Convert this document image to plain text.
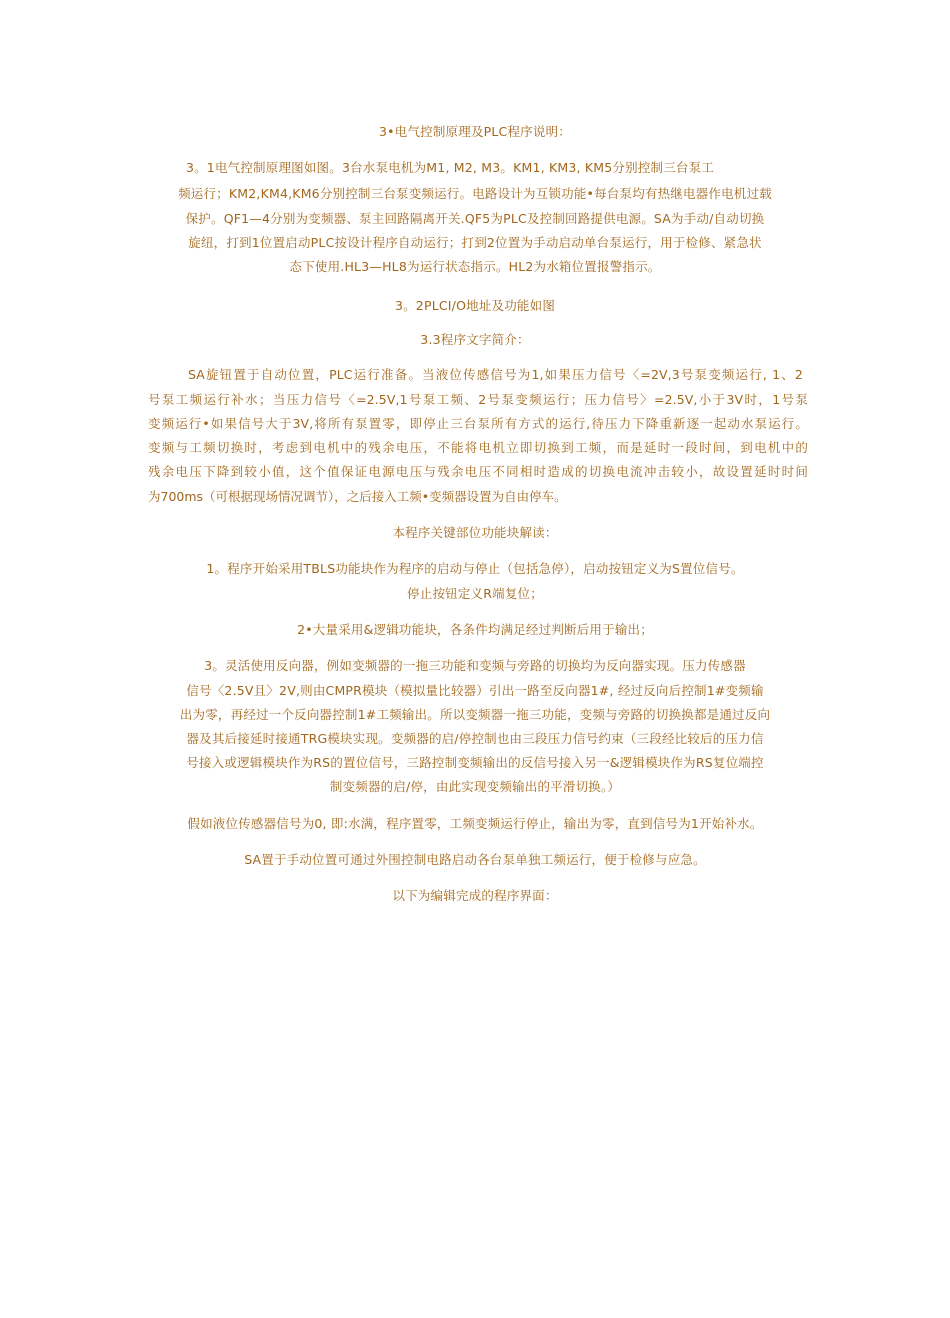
3•电气控制原理及PLC程序说明：
3。1电气控制原理图如图。3台水泵电机为M1, M2, M3。KM1, KM3, KM5分别控制三台泵工
频运行；KM2,KM4,KM6分别控制三台泵变频运行。电路设计为互锁功能•每台泵均有热继电器作电机过载
保护。QF1—4分别为变频器、泵主回路隔离开关.QF5为PLC及控制回路提供电源。SA为手动/自动切换
旋纽，打到1位置启动PLC按设计程序自动运行；打到2位置为手动启动单台泵运行，用于检修、紧急状
态下使用.HL3—HL8为运行状态指示。HL2为水箱位置报警指示。
3。2PLCI/O地址及功能如图
3.3程序文字简介：
SA旋钮置于自动位置，PLC运行准备。当液位传感信号为1,如果压力信号〈=2V,3号泵变频运行, 1、2
号泵工频运行补水；当压力信号〈=2.5V,1号泵工频、2号泵变频运行；压力信号〉=2.5V,小于3V时，1号泵
变频运行•如果信号大于3V,将所有泵置零，即停止三台泵所有方式的运行,待压力下降重新逐一起动水泵运行。
变频与工频切换时，考虑到电机中的残余电压，不能将电机立即切换到工频，而是延时一段时间，到电机中的
残余电压下降到较小值，这个值保证电源电压与残余电压不同相时造成的切换电流冲击较小，故设置延时时间
为700ms（可根据现场情况调节），之后接入工频•变频器设置为自由停车。
本程序关键部位功能块解读：
1。程序开始采用TBLS功能块作为程序的启动与停止（包括急停），启动按钮定义为S置位信号。
停止按钮定义R端复位；
2•大量采用&逻辑功能块，各条件均满足经过判断后用于输出；
3。灵活使用反向器，例如变频器的一拖三功能和变频与旁路的切换均为反向器实现。压力传感器
信号〈2.5V且〉2V,则由CMPR模块（模拟量比较器）引出一路至反向器1#, 经过反向后控制1#变频输
出为零，再经过一个反向器控制1#工频输出。所以变频器一拖三功能，变频与旁路的切换换都是通过反向
器及其后接延时接通TRG模块实现。变频器的启/停控制也由三段压力信号约束（三段经比较后的压力信
号接入或逻辑模块作为RS的置位信号，三路控制变频输出的反信号接入另一&逻辑模块作为RS复位端控
制变频器的启/停，由此实现变频输出的平滑切换。）
假如液位传感器信号为0, 即:水满，程序置零，工频变频运行停止，输出为零，直到信号为1开始补水。
SA置于手动位置可通过外围控制电路启动各台泵单独工频运行，便于检修与应急。
以下为编辑完成的程序界面：
